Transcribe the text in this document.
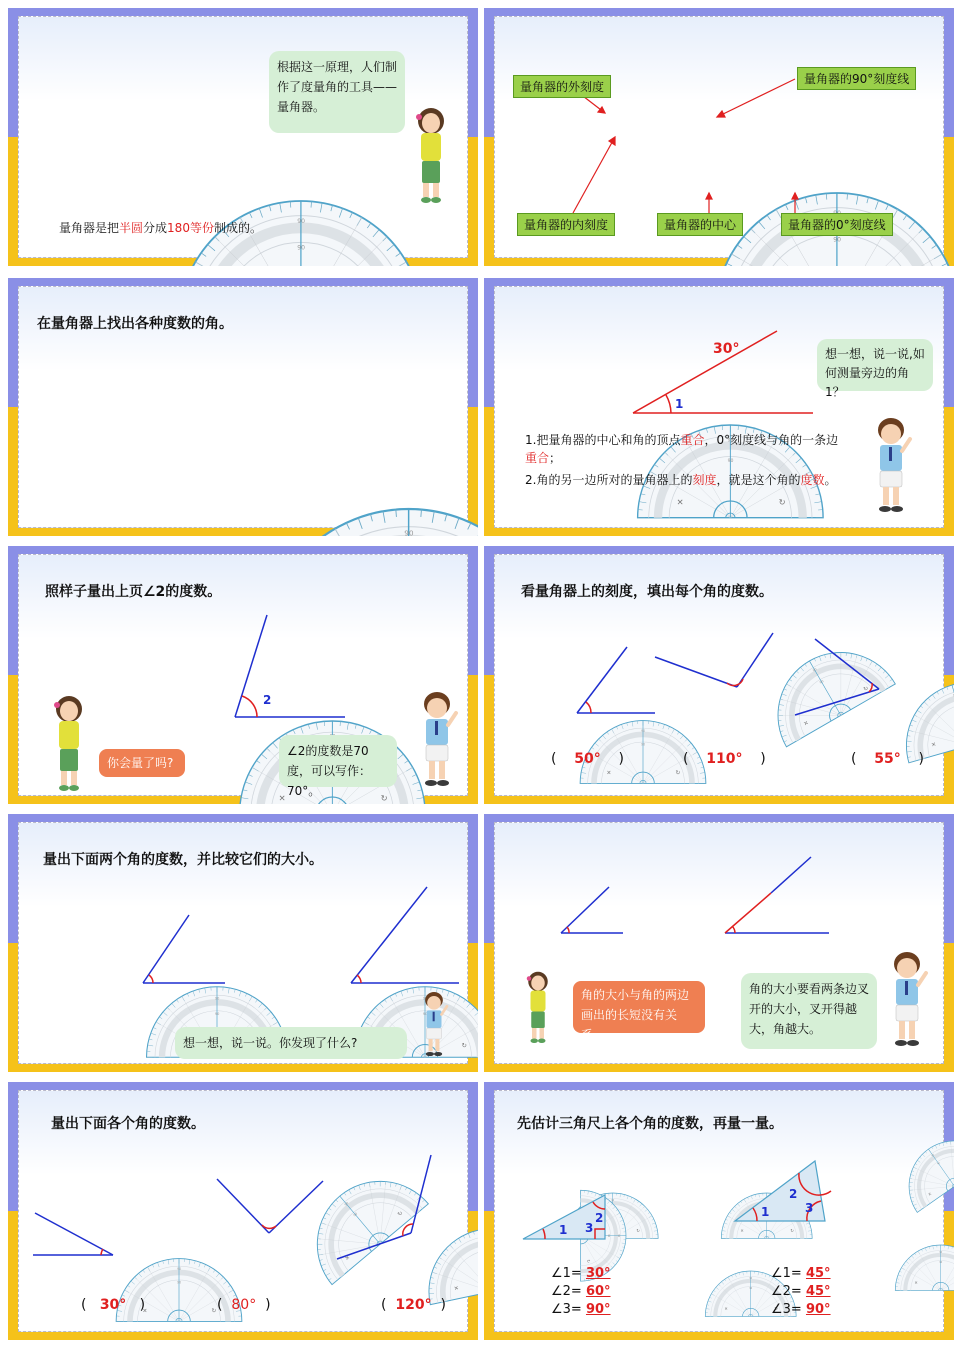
根据这一原理，人们制作了度量角的工具——量角器。
量角器是把半圆分成180等份制成的。
量角器的外刻度
量角器的90°刻度线
量角器的内刻度	量角器的中心	量角器的0°刻度线
在量角器上找出各种度数的角。
30°
1
想一想，说一说,如何测量旁边的角1？
1.把量角器的中心和角的顶点重合，0°刻度线与角的一条边重合；
2.角的另一边所对的量角器上的刻度，就是这个角的度数。
照样子量出上页∠2的度数。
2
你会量了吗?
∠2的度数是70度，可以写作：70°。
看量角器上的刻度，填出每个角的度数。
(    50°    )	(    110°    )	(    55°    )
量出下面两个角的度数，并比较它们的大小。
想一想，说一说。你发现了什么?
角的大小与角的两边画出的长短没有关系。
角的大小要看两条边叉开的大小，叉开得越大，角越大。
量出下面各个角的度数。
(   30°   )	(  80°  )	(  120°  )
先估计三角尺上各个角的度数，再量一量。
1
2
3
1
2
3
∠1= 30°
∠2= 60°
∠3= 90°
∠1= 45°
∠2= 45°
∠3= 90°
